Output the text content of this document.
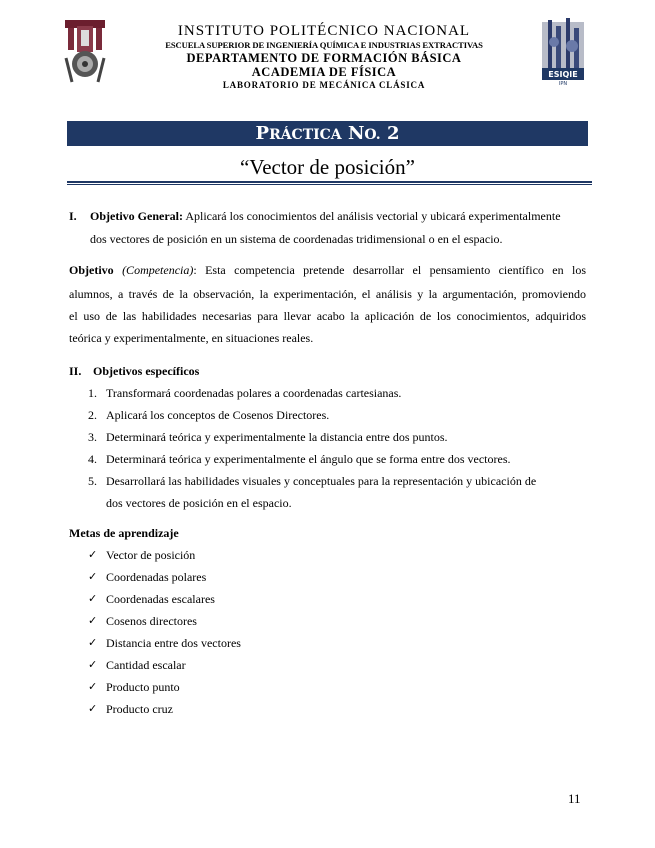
ESIQIE
IPN
INSTITUTO POLITÉCNICO NACIONAL
ESCUELA SUPERIOR DE INGENIERÍA QUÍMICA E INDUSTRIAS EXTRACTIVAS
DEPARTAMENTO DE FORMACIÓN BÁSICA
ACADEMIA DE FÍSICA
LABORATORIO DE MECÁNICA CLÁSICA
PRÁCTICA NO. 2
“Vector de posición”
I. Objetivo General: Aplicará los conocimientos del análisis vectorial y ubicará experimentalmente
dos vectores de posición en un sistema de coordenadas tridimensional o en el espacio.
Objetivo (Competencia): Esta competencia pretende desarrollar el pensamiento científico en los
alumnos, a través de la observación, la experimentación, el análisis y la argumentación, promoviendo
el uso de las habilidades necesarias para llevar acabo la aplicación de los conocimientos, adquiridos
teórica y experimentalmente, en situaciones reales.
II. Objetivos específicos
1. Transformará coordenadas polares a coordenadas cartesianas.
2. Aplicará los conceptos de Cosenos Directores.
3. Determinará teórica y experimentalmente la distancia entre dos puntos.
4. Determinará teórica y experimentalmente el ángulo que se forma entre dos vectores.
5. Desarrollará las habilidades visuales y conceptuales para la representación y ubicación de
dos vectores de posición en el espacio.
Metas de aprendizaje
✓ Vector de posición
✓ Coordenadas polares
✓ Coordenadas escalares
✓ Cosenos directores
✓ Distancia entre dos vectores
✓ Cantidad escalar
✓ Producto punto
✓ Producto cruz
11
